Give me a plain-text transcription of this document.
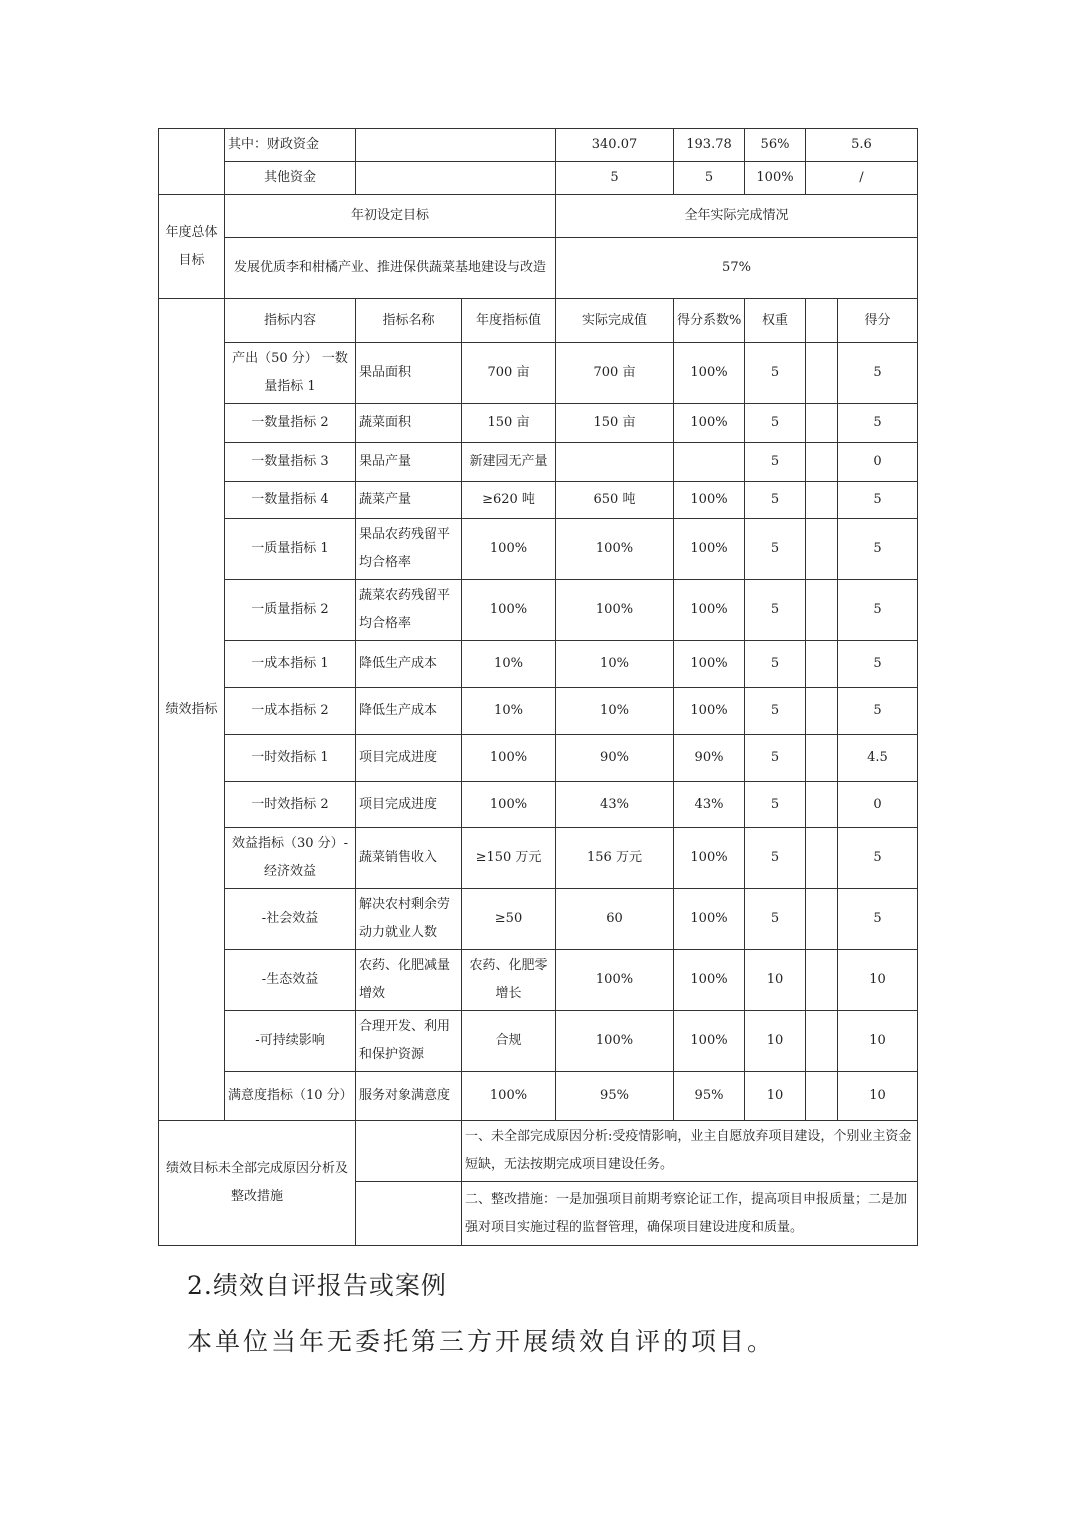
	其中：财政资金			340.07	193.78	56%	5.6	
	其他资金			5	5	100%	/	
年度总体目标	年初设定目标			全年实际完成情况				
	发展优质李和柑橘产业、推进保供蔬菜基地建设与改造			57%				
绩效指标	指标内容	指标名称	年度指标值	实际完成值	得分系数%	权重		得分
	产出（50 分） 一数量指标 1	果品面积	700 亩	700 亩	100%	5		5
	一数量指标 2	蔬菜面积	150 亩	150 亩	100%	5		5
	一数量指标 3	果品产量	新建园无产量			5		0
	一数量指标 4	蔬菜产量	≥620 吨	650 吨	100%	5		5
	一质量指标 1	果品农药残留平均合格率	100%	100%	100%	5		5
	一质量指标 2	蔬菜农药残留平均合格率	100%	100%	100%	5		5
	一成本指标 1	降低生产成本	10%	10%	100%	5		5
	一成本指标 2	降低生产成本	10%	10%	100%	5		5
	一时效指标 1	项目完成进度	100%	90%	90%	5		4.5
	一时效指标 2	项目完成进度	100%	43%	43%	5		0
	效益指标（30 分）-经济效益	蔬菜销售收入	≥150 万元	156 万元	100%	5		5
	-社会效益	解决农村剩余劳动力就业人数	≥50	60	100%	5		5
	-生态效益	农药、化肥减量增效	农药、化肥零增长	100%	100%	10		10
	-可持续影响	合理开发、利用和保护资源	合规	100%	100%	10		10
	满意度指标（10 分）	服务对象满意度	100%	95%	95%	10		10
绩效目标未全部完成原因分析及整改措施			一、未全部完成原因分析:受疫情影响，业主自愿放弃项目建设，个别业主资金短缺，无法按期完成项目建设任务。					
			二、整改措施：一是加强项目前期考察论证工作，提高项目申报质量；二是加强对项目实施过程的监督管理，确保项目建设进度和质量。					
2.绩效自评报告或案例
本单位当年无委托第三方开展绩效自评的项目。
